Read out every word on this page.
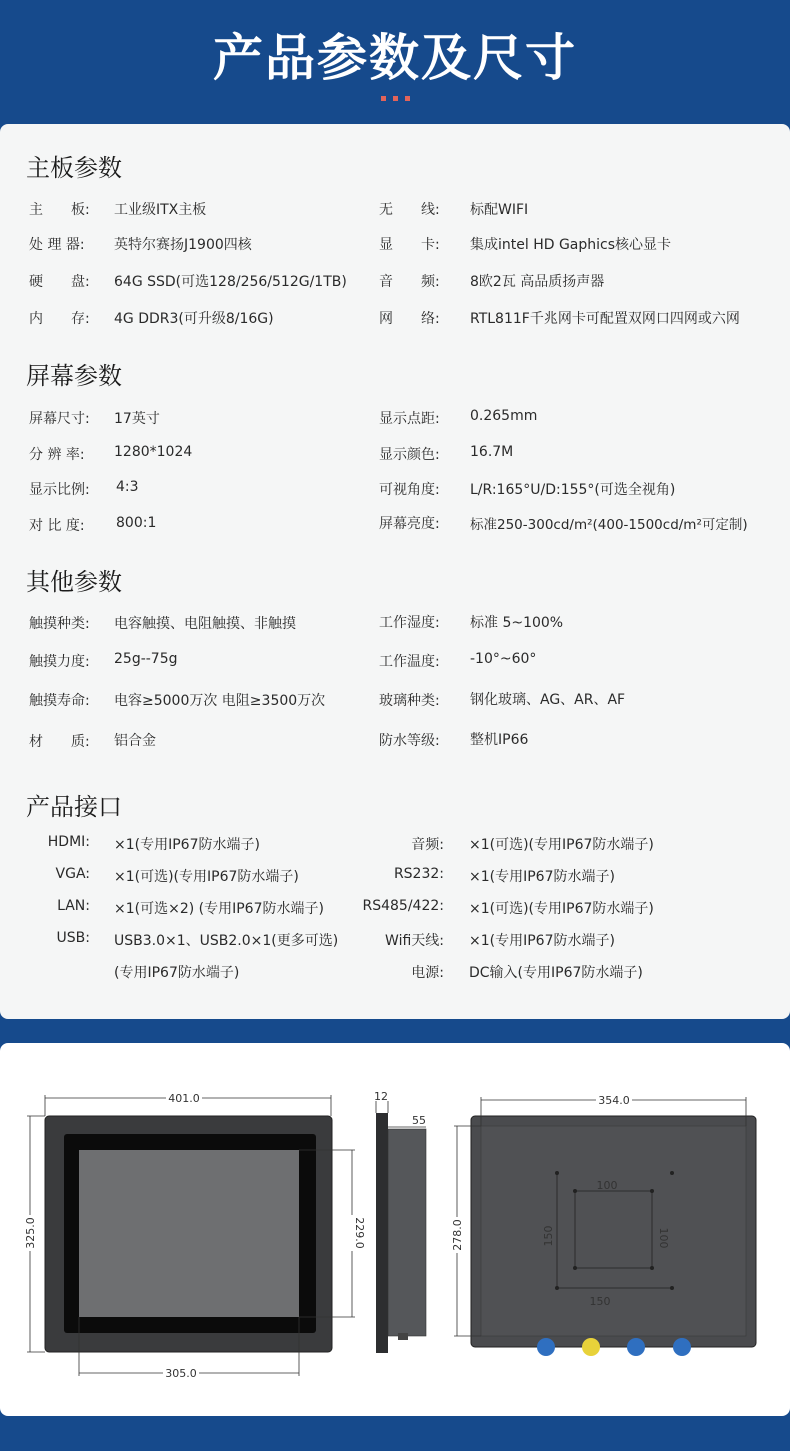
产品参数及尺寸
主板参数
主　　板: 工业级ITX主板
处 理 器: 英特尔赛扬J1900四核
硬　　盘: 64G SSD(可选128/256/512G/1TB)
内　　存: 4G DDR3(可升级8/16G)
无　　线: 标配WIFI
显　　卡: 集成intel HD Gaphics核心显卡
音　　频: 8欧2瓦 高品质扬声器
网　　络: RTL811F千兆网卡可配置双网口四网或六网
屏幕参数
屏幕尺寸: 17英寸
分 辨 率: 1280*1024
显示比例: 4:3
对 比 度: 800:1
显示点距: 0.265mm
显示颜色: 16.7M
可视角度: L/R:165°U/D:155°(可选全视角)
屏幕亮度: 标准250-300cd/m²(400-1500cd/m²可定制)
其他参数
触摸种类: 电容触摸、电阻触摸、非触摸
触摸力度: 25g--75g
触摸寿命: 电容≥5000万次 电阻≥3500万次
材　　质: 铝合金
工作湿度: 标准 5~100%
工作温度: -10°~60°
玻璃种类: 钢化玻璃、AG、AR、AF
防水等级: 整机IP66
产品接口
HDMI: ×1(专用IP67防水端子)
VGA: ×1(可选)(专用IP67防水端子)
LAN: ×1(可选×2) (专用IP67防水端子)
USB: USB3.0×1、USB2.0×1(更多可选)
(专用IP67防水端子)
音频: ×1(可选)(专用IP67防水端子)
RS232: ×1(专用IP67防水端子)
RS485/422: ×1(可选)(专用IP67防水端子)
Wifi天线: ×1(专用IP67防水端子)
电源: DC输入(专用IP67防水端子)
401.0
325.0	229.0
305.0
12
55
100
150
150	100
354.0
278.0
